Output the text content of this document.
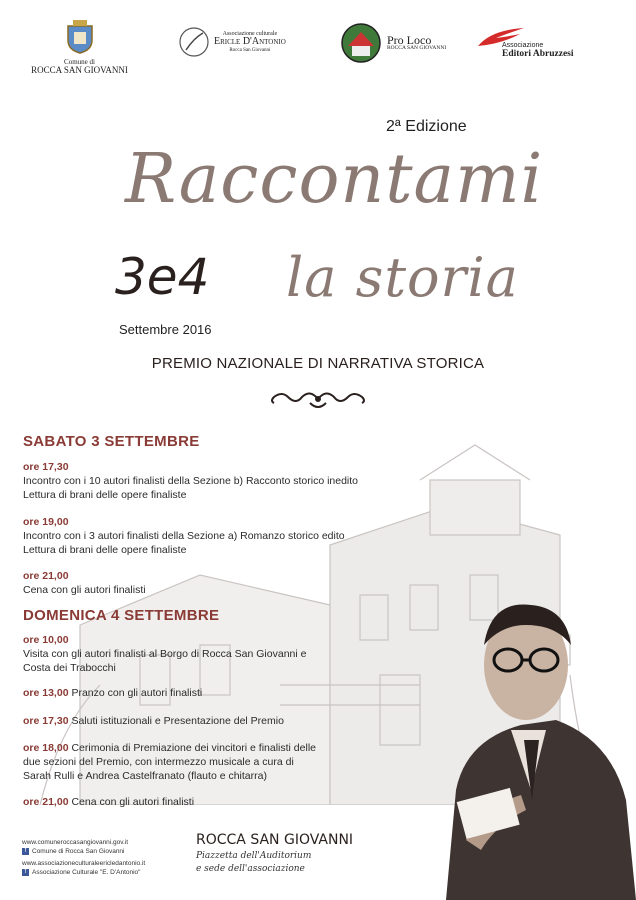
Comune di
ROCCA SAN GIOVANNI
Associazione culturale
Ericle D'Antonio
Rocca San Giovanni
Pro Loco
ROCCA SAN GIOVANNI	Associazione
Editori Abruzzesi
2ª Edizione
Raccontami
3e4 la storia
Settembre 2016
PREMIO NAZIONALE DI NARRATIVA STORICA
SABATO 3 SETTEMBRE
ore 17,30
Incontro con i 10 autori finalisti della Sezione b) Racconto storico inedito
Lettura di brani delle opere finaliste
ore 19,00
Incontro con i 3 autori finalisti della Sezione a) Romanzo storico edito
Lettura di brani delle opere finaliste
ore 21,00
Cena con gli autori finalisti
DOMENICA 4 SETTEMBRE
ore 10,00
Visita con gli autori finalisti al Borgo di Rocca San Giovanni e
Costa dei Trabocchi
ore 13,00 Pranzo con gli autori finalisti
ore 17,30 Saluti istituzionali e Presentazione del Premio
ore 18,00 Cerimonia di Premiazione dei vincitori e finalisti delle
due sezioni del Premio, con intermezzo musicale a cura di
Sarah Rulli e Andrea Castelfranato (flauto e chitarra)
ore 21,00 Cena con gli autori finalisti
www.comuneroccasangiovanni.gov.it
f Comune di Rocca San Giovanni
www.associazioneculturaleericledantonio.it
f Associazione Culturale "E. D'Antonio"
ROCCA SAN GIOVANNI
Piazzetta dell'Auditorium
e sede dell'associazione
